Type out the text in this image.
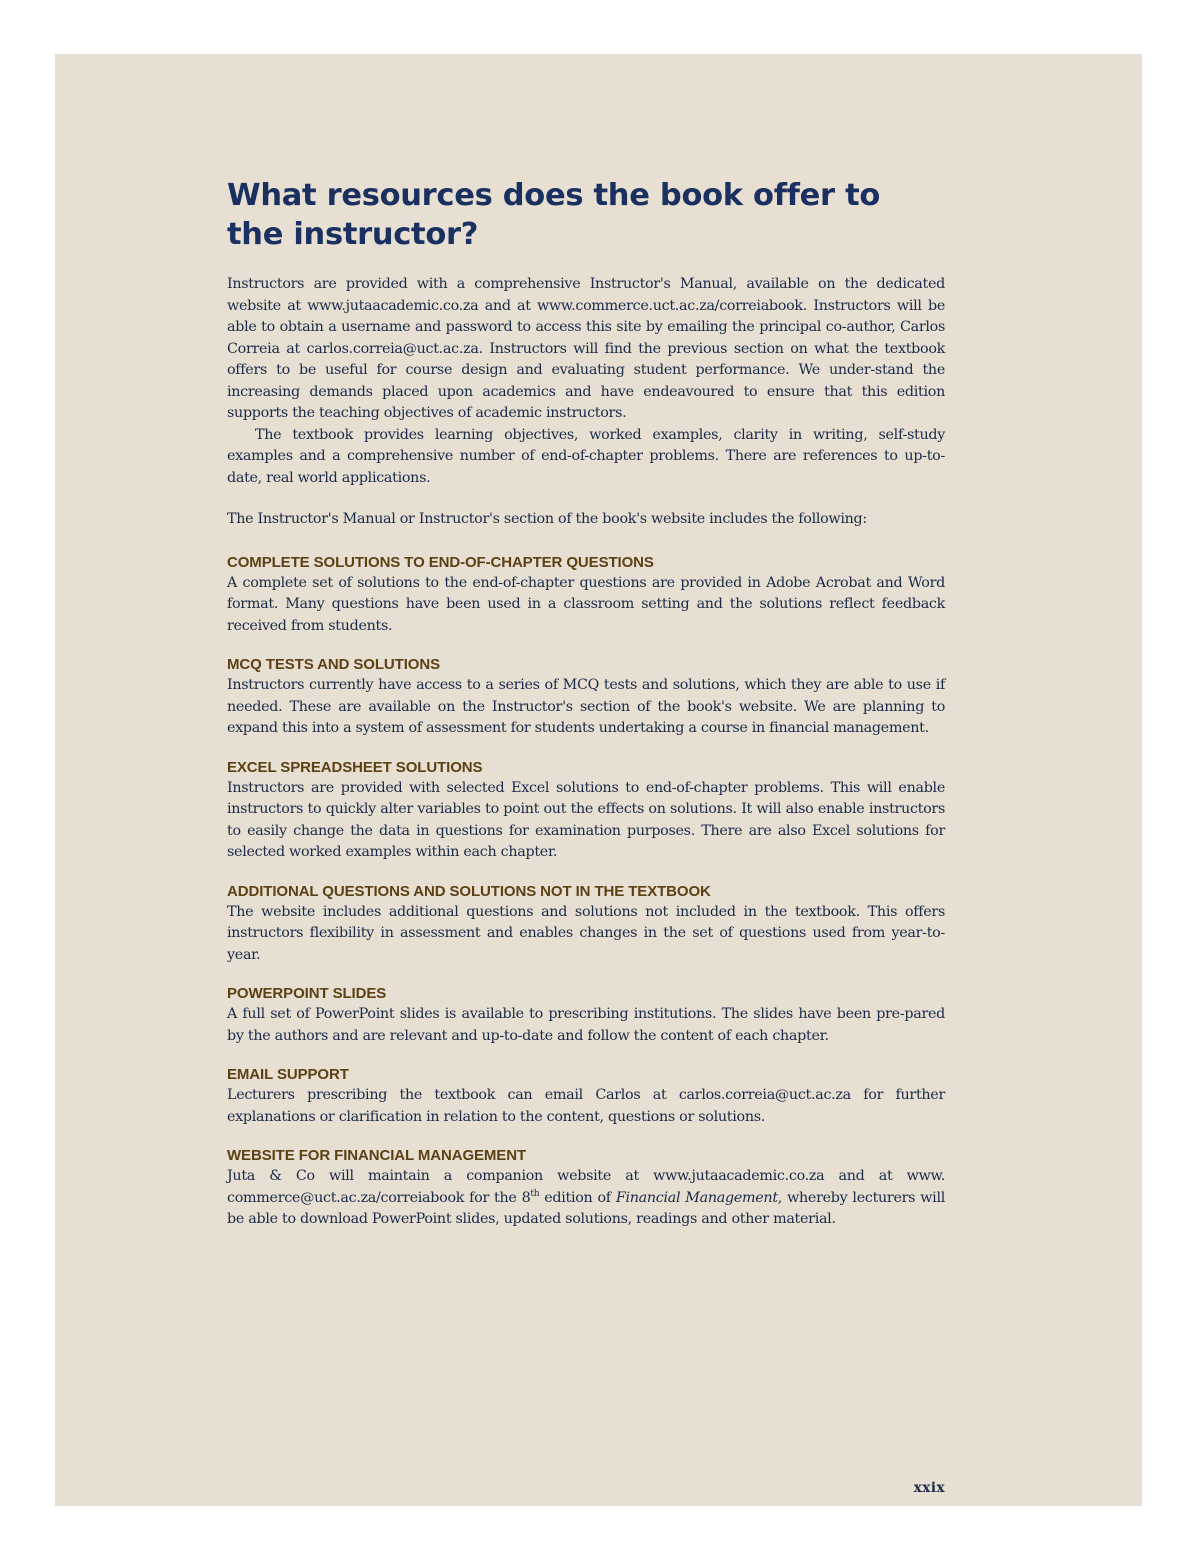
What resources does the book offer to the instructor?

Instructors are provided with a comprehensive Instructor's Manual, available on the dedicated website at www.jutaacademic.co.za and at www.commerce.uct.ac.za/correiabook. Instructors will be able to obtain a username and password to access this site by emailing the principal co-author, Carlos Correia at carlos.correia@uct.ac.za. Instructors will find the previous section on what the textbook offers to be useful for course design and evaluating student performance. We under-stand the increasing demands placed upon academics and have endeavoured to ensure that this edition supports the teaching objectives of academic instructors.

The textbook provides learning objectives, worked examples, clarity in writing, self-study examples and a comprehensive number of end-of-chapter problems. There are references to up-to-date, real world applications.

The Instructor's Manual or Instructor's section of the book's website includes the following:

COMPLETE SOLUTIONS TO END-OF-CHAPTER QUESTIONS

A complete set of solutions to the end-of-chapter questions are provided in Adobe Acrobat and Word format. Many questions have been used in a classroom setting and the solutions reflect feedback received from students.

MCQ TESTS AND SOLUTIONS

Instructors currently have access to a series of MCQ tests and solutions, which they are able to use if needed. These are available on the Instructor's section of the book's website. We are planning to expand this into a system of assessment for students undertaking a course in financial management.

EXCEL SPREADSHEET SOLUTIONS

Instructors are provided with selected Excel solutions to end-of-chapter problems. This will enable instructors to quickly alter variables to point out the effects on solutions. It will also enable instructors to easily change the data in questions for examination purposes. There are also Excel solutions for selected worked examples within each chapter.

ADDITIONAL QUESTIONS AND SOLUTIONS NOT IN THE TEXTBOOK

The website includes additional questions and solutions not included in the textbook. This offers instructors flexibility in assessment and enables changes in the set of questions used from year-to-year.

POWERPOINT SLIDES

A full set of PowerPoint slides is available to prescribing institutions. The slides have been pre-pared by the authors and are relevant and up-to-date and follow the content of each chapter.

EMAIL SUPPORT

Lecturers prescribing the textbook can email Carlos at carlos.correia@uct.ac.za for further explanations or clarification in relation to the content, questions or solutions.

WEBSITE FOR FINANCIAL MANAGEMENT

Juta & Co will maintain a companion website at www.jutaacademic.co.za and at www. commerce@uct.ac.za/correiabook for the 8th edition of Financial Management, whereby lecturers will be able to download PowerPoint slides, updated solutions, readings and other material.

xxix
